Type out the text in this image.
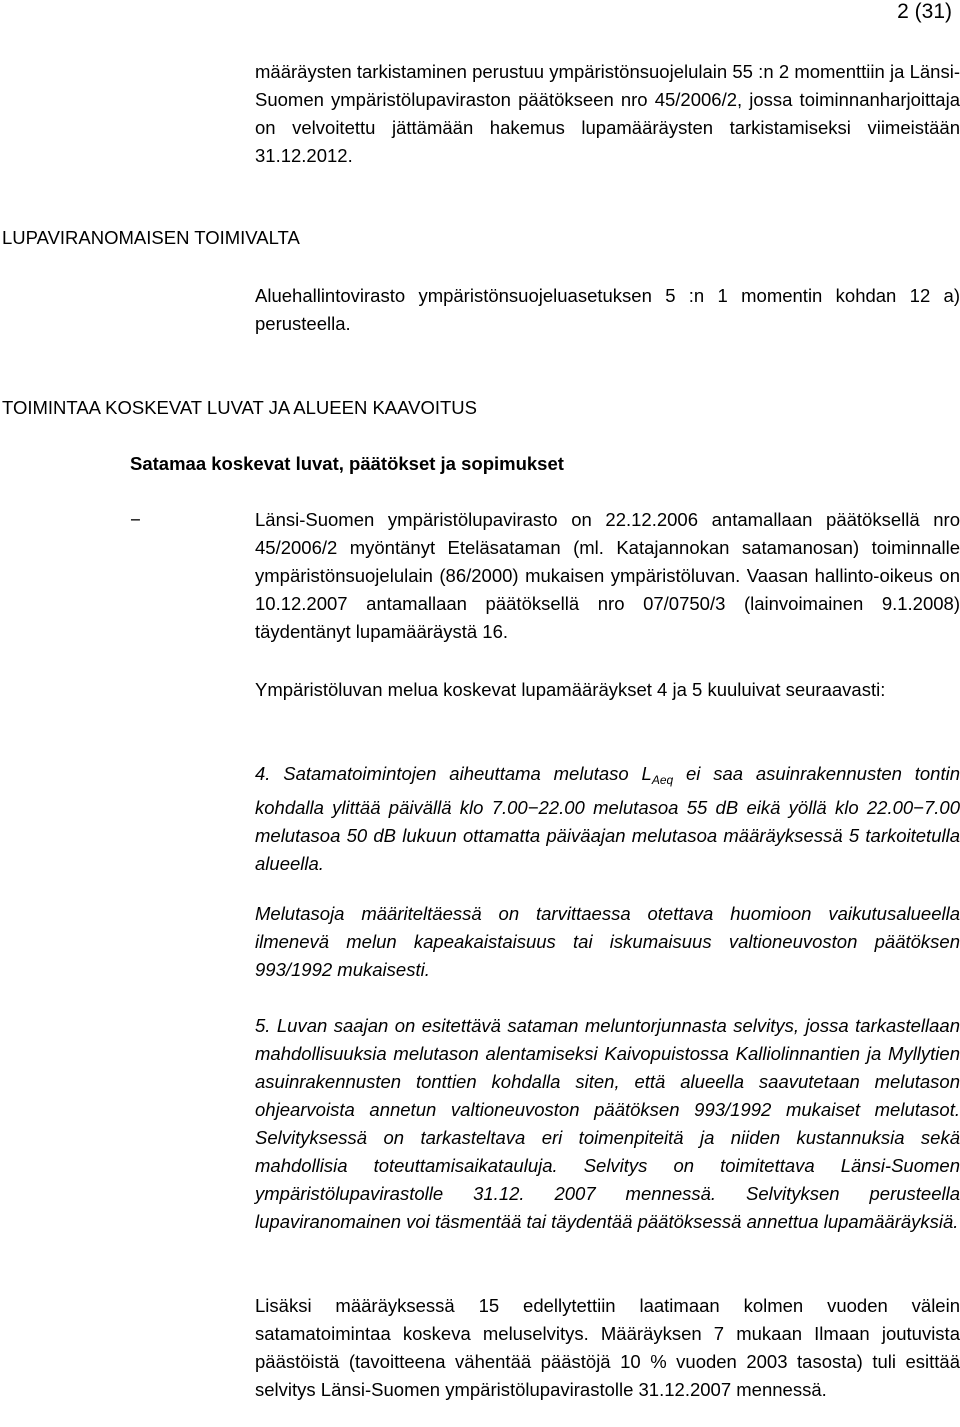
2 (31)
määräysten tarkistaminen perustuu ympäristönsuojelulain 55 :n 2 momenttiin ja Länsi-Suomen ympäristölupaviraston päätökseen nro 45/2006/2, jossa toiminnanharjoittaja on velvoitettu jättämään hakemus lupamääräysten tarkistamiseksi viimeistään 31.12.2012.
LUPAVIRANOMAISEN TOIMIVALTA
Aluehallintovirasto ympäristönsuojeluasetuksen 5 :n 1 momentin kohdan 12 a) perusteella.
TOIMINTAA KOSKEVAT LUVAT JA ALUEEN KAAVOITUS
Satamaa koskevat luvat, päätökset ja sopimukset
−	Länsi-Suomen ympäristölupavirasto on 22.12.2006 antamallaan päätöksellä nro 45/2006/2 myöntänyt Eteläsataman (ml. Katajannokan satamanosan) toiminnalle ympäristönsuojelulain (86/2000) mukaisen ympäristöluvan. Vaasan hallinto-oikeus on 10.12.2007 antamallaan päätöksellä nro 07/0750/3 (lainvoimainen 9.1.2008) täydentänyt lupamääräystä 16.
Ympäristöluvan melua koskevat lupamääräykset 4 ja 5 kuuluivat seuraavasti:
4. Satamatoimintojen aiheuttama melutaso $L_{Aeq}$ ei saa asuinrakennusten tontin kohdalla ylittää päivällä klo 7.00−22.00 melutasoa 55 dB eikä yöllä klo 22.00−7.00 melutasoa 50 dB lukuun ottamatta päiväajan melutasoa määräyksessä 5 tarkoitetulla alueella.
Melutasoja määriteltäessä on tarvittaessa otettava huomioon vaikutusalueella ilmenevä melun kapeakaistaisuus tai iskumaisuus valtioneuvoston päätöksen 993/1992 mukaisesti.
5. Luvan saajan on esitettävä sataman meluntorjunnasta selvitys, jossa tarkastellaan mahdollisuuksia melutason alentamiseksi Kaivopuistossa Kalliolinnantien ja Myllytien asuinrakennusten tonttien kohdalla siten, että alueella saavutetaan melutason ohjearvoista annetun valtioneuvoston päätöksen 993/1992 mukaiset melutasot. Selvityksessä on tarkasteltava eri toimenpiteitä ja niiden kustannuksia sekä mahdollisia toteuttamisaikatauluja. Selvitys on toimitettava Länsi-Suomen ympäristölupavirastolle 31.12. 2007 mennessä. Selvityksen perusteella lupaviranomainen voi täsmentää tai täydentää päätöksessä annettua lupamääräyksiä.
Lisäksi määräyksessä 15 edellytettiin laatimaan kolmen vuoden välein satamatoimintaa koskeva meluselvitys. Määräyksen 7 mukaan Ilmaan joutuvista päästöistä (tavoitteena vähentää päästöjä 10 % vuoden 2003 tasosta) tuli esittää selvitys Länsi-Suomen ympäristölupavirastolle 31.12.2007 mennessä.
